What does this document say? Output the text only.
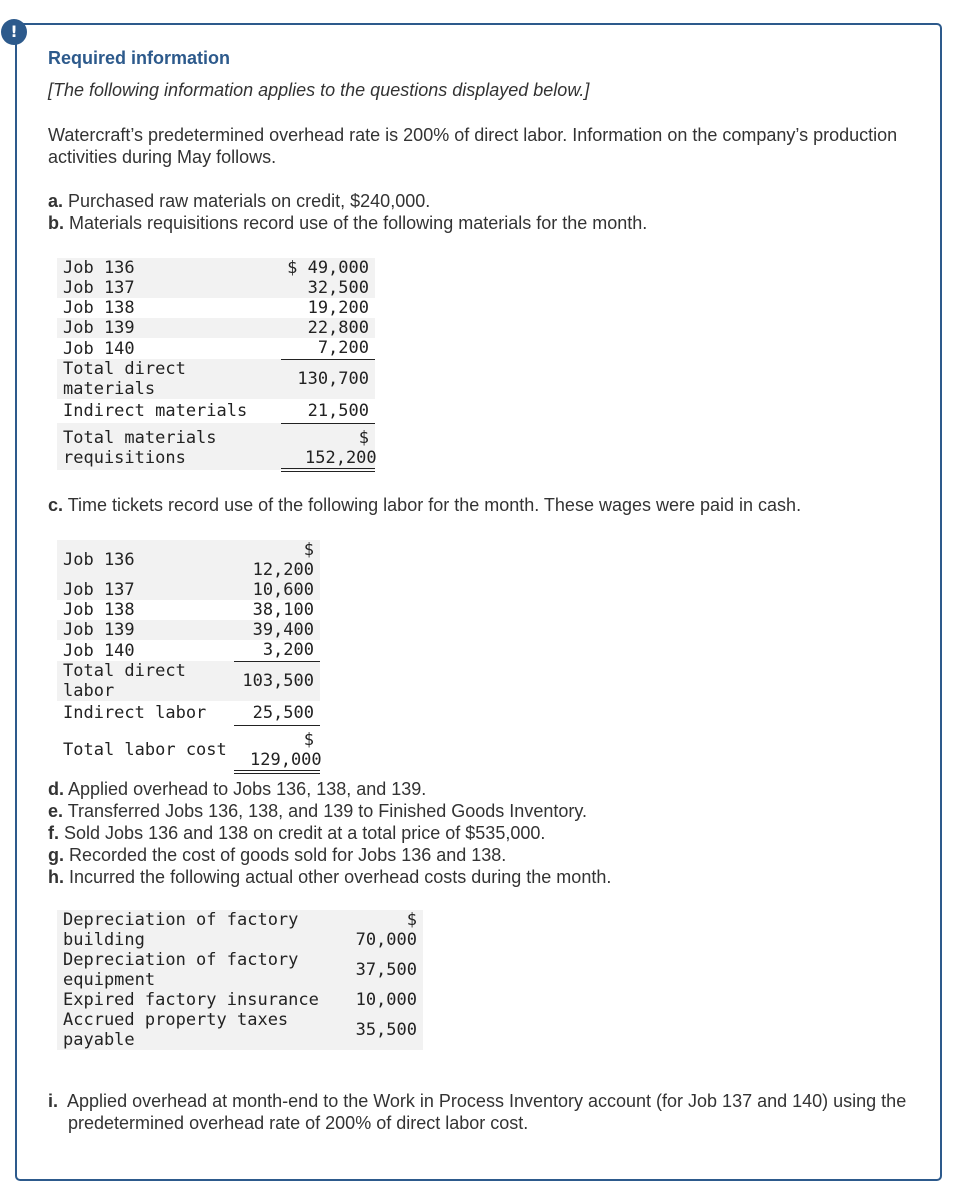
!
Required information
[The following information applies to the questions displayed below.]
Watercraft’s predetermined overhead rate is 200% of direct labor. Information on the company’s production activities during May follows.
a. Purchased raw materials on credit, $240,000.
b. Materials requisitions record use of the following materials for the month.
Job 136	$ 49,000
Job 137	32,500
Job 138	19,200
Job 139	22,800
Job 140	7,200

Total direct materials	130,700
Indirect materials	21,500

Total materials requisitions	$ 152,200
c. Time tickets record use of the following labor for the month. These wages were paid in cash.
Job 136	$ 12,200
Job 137	10,600
Job 138	38,100
Job 139	39,400
Job 140	3,200

Total direct labor	103,500
Indirect labor	25,500
Total labor cost	$ 129,000
d. Applied overhead to Jobs 136, 138, and 139.
e. Transferred Jobs 136, 138, and 139 to Finished Goods Inventory.
f. Sold Jobs 136 and 138 on credit at a total price of $535,000.
g. Recorded the cost of goods sold for Jobs 136 and 138.
h. Incurred the following actual other overhead costs during the month.
Depreciation of factory building	$ 70,000

Depreciation of factory equipment	37,500
Expired factory insurance	10,000

Accrued property taxes payable	35,500
i. Applied overhead at month-end to the Work in Process Inventory account (for Job 137 and 140) using the predetermined overhead rate of 200% of direct labor cost.
